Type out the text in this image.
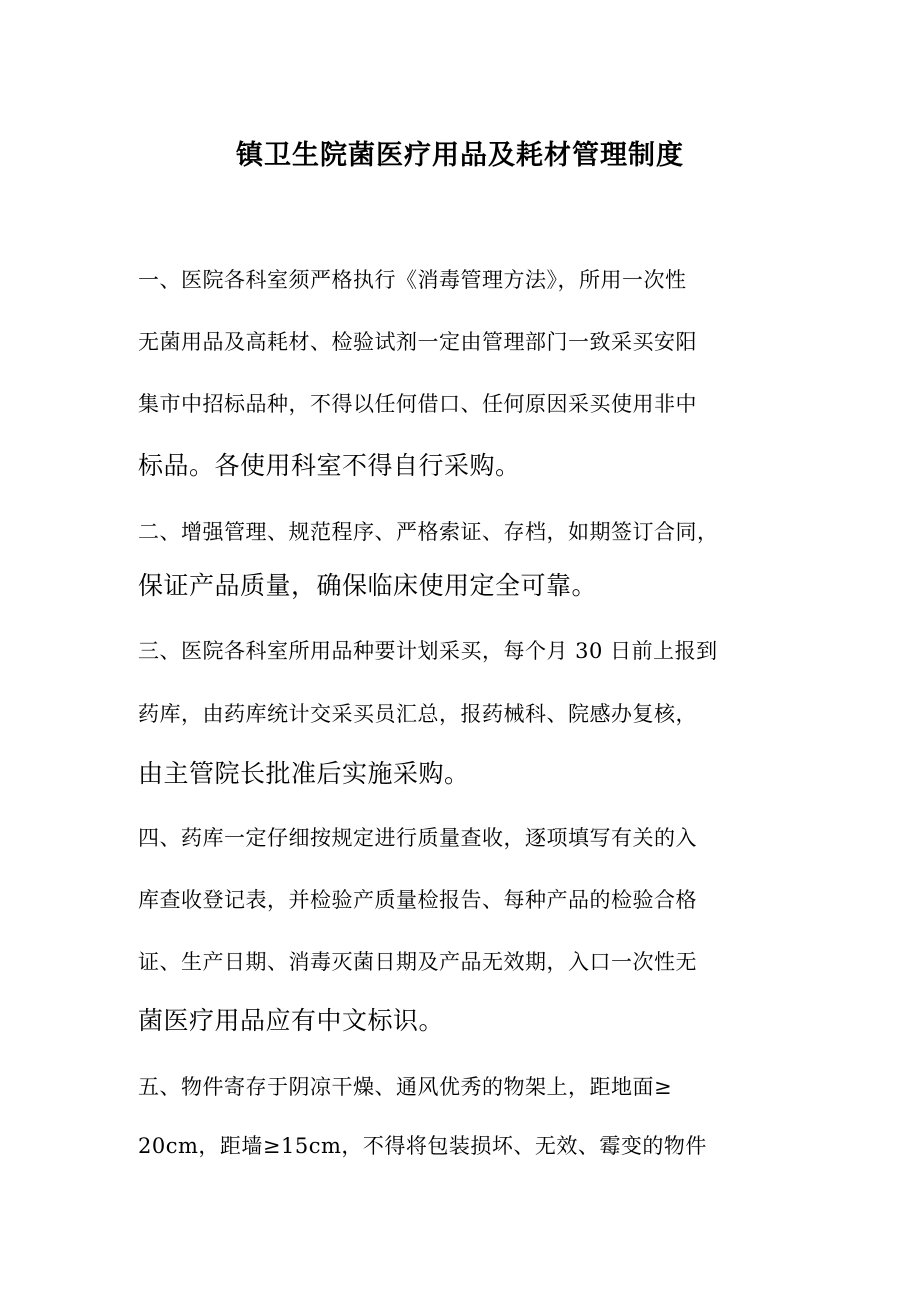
镇卫生院菌医疗用品及耗材管理制度
一、医院各科室须严格执行《消毒管理方法》，所用一次性
无菌用品及高耗材、检验试剂一定由管理部门一致采买安阳
集市中招标品种，不得以任何借口、任何原因采买使用非中
标品。各使用科室不得自行采购。
二、增强管理、规范程序、严格索证、存档，如期签订合同，
保证产品质量，确保临床使用定全可靠。
三、医院各科室所用品种要计划采买，每个月 30 日前上报到
药库，由药库统计交采买员汇总，报药械科、院感办复核，
由主管院长批准后实施采购。
四、药库一定仔细按规定进行质量查收，逐项填写有关的入
库查收登记表，并检验产质量检报告、每种产品的检验合格
证、生产日期、消毒灭菌日期及产品无效期，入口一次性无
菌医疗用品应有中文标识。
五、物件寄存于阴凉干燥、通风优秀的物架上，距地面≥
20cm，距墙≥15cm，不得将包装损坏、无效、霉变的物件
